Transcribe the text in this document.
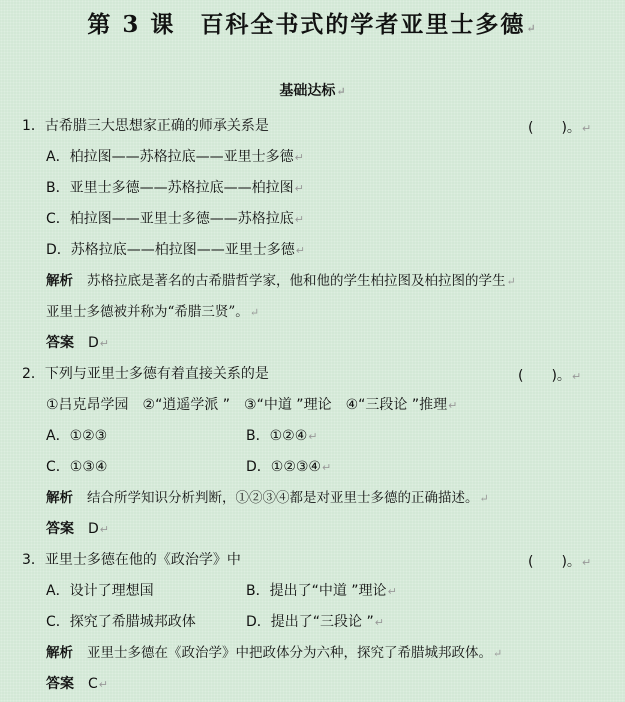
第 3 课　百科全书式的学者亚里士多德↵
基础达标↵
1．古希腊三大思想家正确的师承关系是	(　　)。↵
A．柏拉图——苏格拉底——亚里士多德↵
B．亚里士多德——苏格拉底——柏拉图↵
C．柏拉图——亚里士多德——苏格拉底↵
D．苏格拉底——柏拉图——亚里士多德↵
解析 苏格拉底是著名的古希腊哲学家，他和他的学生柏拉图及柏拉图的学生↵
亚里士多德被并称为“希腊三贤”。↵
答案 D↵
2．下列与亚里士多德有着直接关系的是	(　　)。↵
①吕克昂学园　②“逍遥学派 ”　③“中道 ”理论　④“三段论 ”推理↵
A．①②③	B．①②④↵
C．①③④	D．①②③④↵
解析 结合所学知识分析判断，①②③④都是对亚里士多德的正确描述。↵
答案 D↵
3．亚里士多德在他的《政治学》中	(　　)。↵
A．设计了理想国	B．提出了“中道 ”理论↵
C．探究了希腊城邦政体	D．提出了“三段论 ”↵
解析 亚里士多德在《政治学》中把政体分为六种，探究了希腊城邦政体。↵
答案 C↵
